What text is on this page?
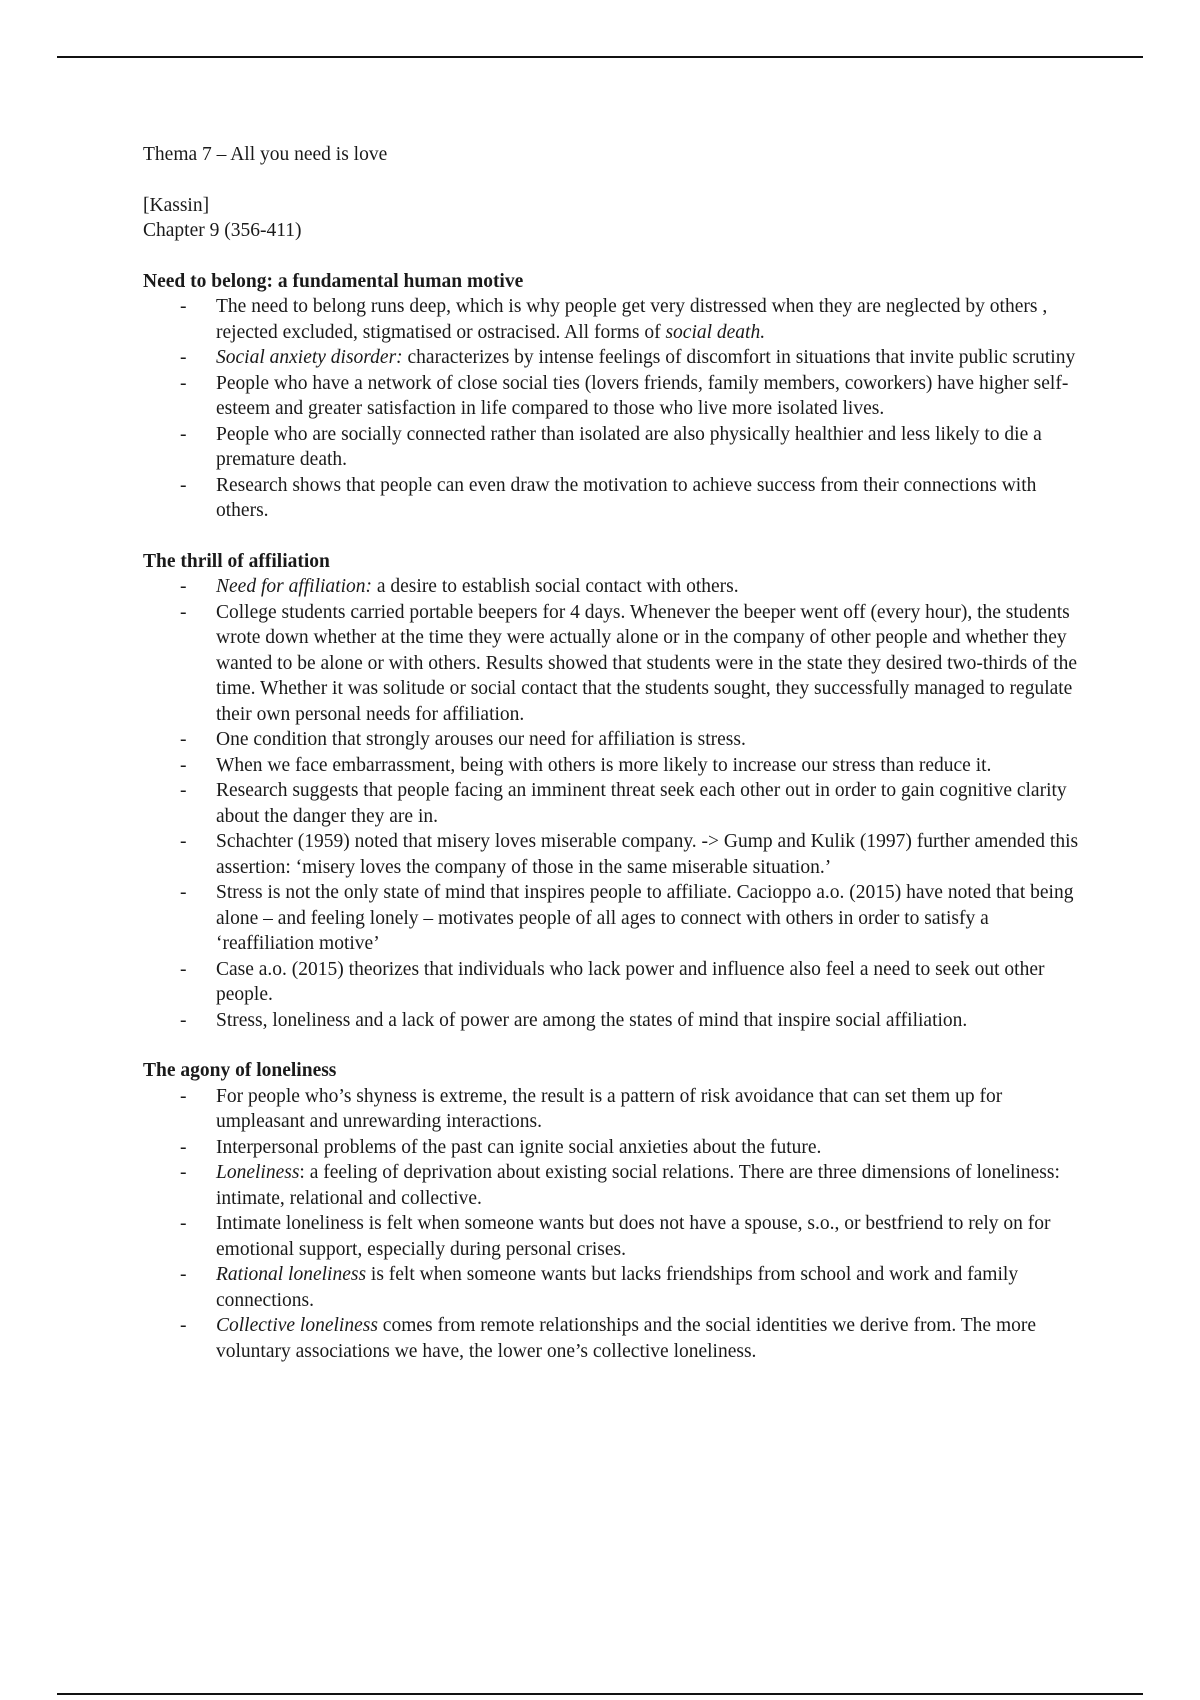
Thema 7 – All you need is love

[Kassin]

Chapter 9 (356-411)

Need to belong: a fundamental human motive

- The need to belong runs deep, which is why people get very distressed when they are neglected by others , rejected excluded, stigmatised or ostracised. All forms of social death.
- Social anxiety disorder: characterizes by intense feelings of discomfort in situations that invite public scrutiny
- People who have a network of close social ties (lovers friends, family members, coworkers) have higher self-esteem and greater satisfaction in life compared to those who live more isolated lives.
- People who are socially connected rather than isolated are also physically healthier and less likely to die a premature death.
- Research shows that people can even draw the motivation to achieve success from their connections with others.

The thrill of affiliation

- Need for affiliation: a desire to establish social contact with others.
- College students carried portable beepers for 4 days. Whenever the beeper went off (every hour), the students wrote down whether at the time they were actually alone or in the company of other people and whether they wanted to be alone or with others. Results showed that students were in the state they desired two-thirds of the time. Whether it was solitude or social contact that the students sought, they successfully managed to regulate their own personal needs for affiliation.
- One condition that strongly arouses our need for affiliation is stress.
- When we face embarrassment, being with others is more likely to increase our stress than reduce it.
- Research suggests that people facing an imminent threat seek each other out in order to gain cognitive clarity about the danger they are in.
- Schachter (1959) noted that misery loves miserable company. -> Gump and Kulik (1997) further amended this assertion: ‘misery loves the company of those in the same miserable situation.’
- Stress is not the only state of mind that inspires people to affiliate. Cacioppo a.o. (2015) have noted that being alone – and feeling lonely – motivates people of all ages to connect with others in order to satisfy a ‘reaffiliation motive’
- Case a.o. (2015) theorizes that individuals who lack power and influence also feel a need to seek out other people.
- Stress, loneliness and a lack of power are among the states of mind that inspire social affiliation.

The agony of loneliness

- For people who’s shyness is extreme, the result is a pattern of risk avoidance that can set them up for umpleasant and unrewarding interactions.
- Interpersonal problems of the past can ignite social anxieties about the future.
- Loneliness: a feeling of deprivation about existing social relations. There are three dimensions of loneliness: intimate, relational and collective.
- Intimate loneliness is felt when someone wants but does not have a spouse, s.o., or bestfriend to rely on for emotional support, especially during personal crises.
- Rational loneliness is felt when someone wants but lacks friendships from school and work and family connections.
- Collective loneliness comes from remote relationships and the social identities we derive from. The more voluntary associations we have, the lower one’s collective loneliness.
